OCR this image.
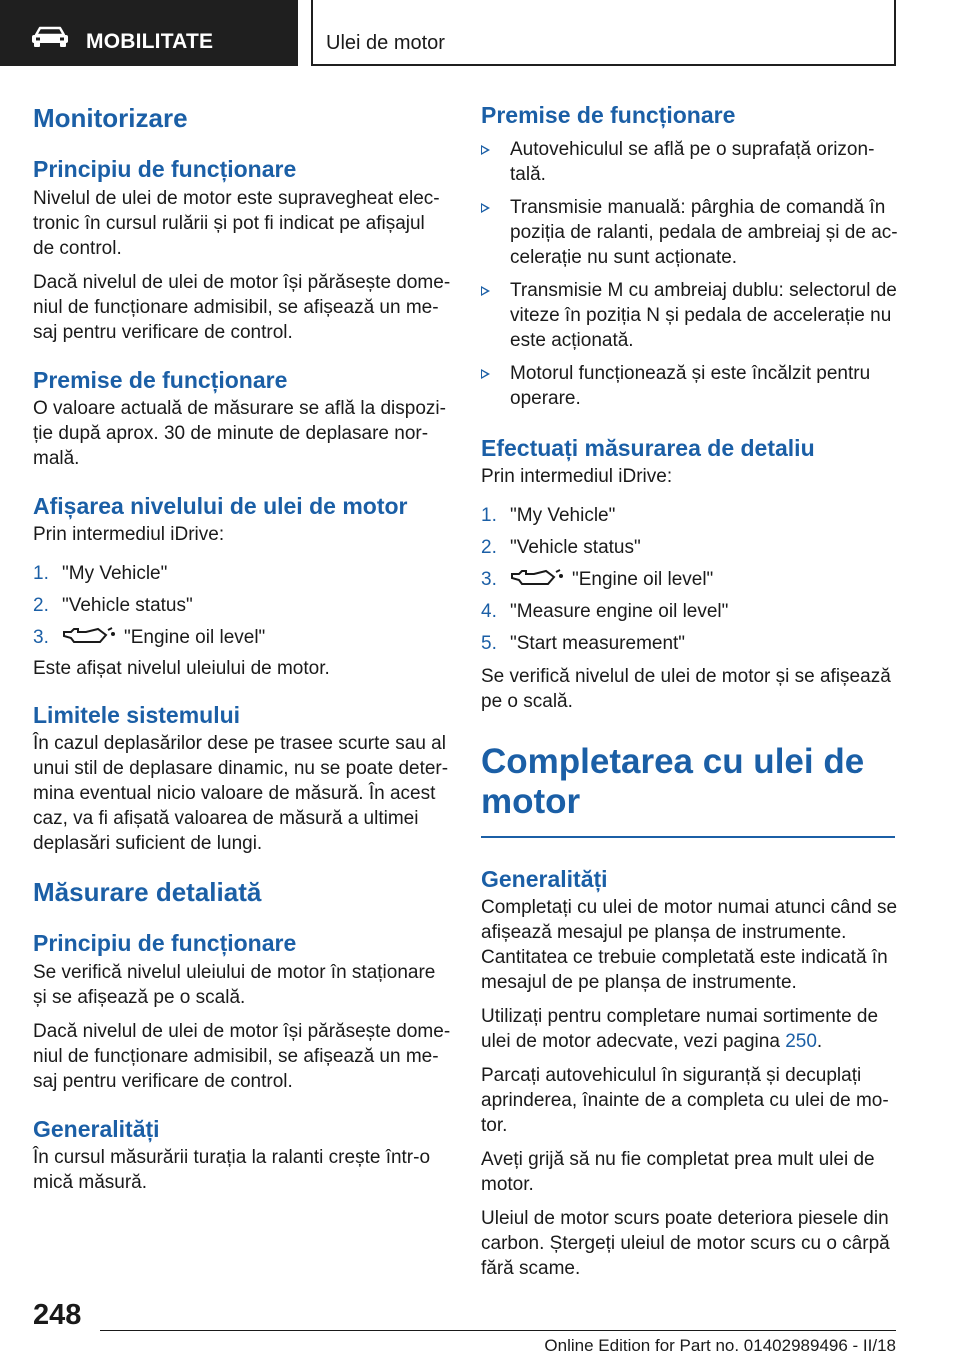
MOBILITATE	Ulei de motor
Monitorizare
Principiu de funcționare

Nivelul de ulei de motor este supravegheat electronic în cursul rulării și pot fi indicat pe afișajul de control.

Dacă nivelul de ulei de motor își părăsește domeniul de funcționare admisibil, se afișează un mesaj pentru verificare de control.

Premise de funcționare

O valoare actuală de măsurare se află la dispoziție după aprox. 30 de minute de deplasare normală.

Afișarea nivelului de ulei de motor

Prin intermediul iDrive:

1. "My Vehicle"
2. "Vehicle status"
3.	"Engine oil level"

Este afișat nivelul uleiului de motor.

Limitele sistemului

În cazul deplasărilor dese pe trasee scurte sau al unui stil de deplasare dinamic, nu se poate determina eventual nicio valoare de măsură. În acest caz, va fi afișată valoarea de măsură a ultimei deplasări suficient de lungi.

Măsurare detaliată
Principiu de funcționare

Se verifică nivelul uleiului de motor în staționare și se afișează pe o scală.

Dacă nivelul de ulei de motor își părăsește domeniul de funcționare admisibil, se afișează un mesaj pentru verificare de control.

Generalități

În cursul măsurării turația la ralanti crește într-o mică măsură.

Premise de funcționare
Autovehiculul se află pe o suprafață orizontală.
Transmisie manuală: pârghia de comandă în poziția de ralanti, pedala de ambreiaj și de accelerație nu sunt acționate.
Transmisie M cu ambreiaj dublu: selectorul de viteze în poziția N și pedala de accelerație nu este acționată.
Motorul funcționează și este încălzit pentru operare.
Efectuați măsurarea de detaliu

Prin intermediul iDrive:

1. "My Vehicle"
2. "Vehicle status"
3.	"Engine oil level"
4. "Measure engine oil level"
5. "Start measurement"

Se verifică nivelul de ulei de motor și se afișează pe o scală.

Completarea cu ulei de motor
Generalități

Completați cu ulei de motor numai atunci când se afișează mesajul pe planșa de instrumente. Cantitatea ce trebuie completată este indicată în mesajul de pe planșa de instrumente.

Utilizați pentru completare numai sortimente de ulei de motor adecvate, vezi pagina 250.

Parcați autovehiculul în siguranță și decuplați aprinderea, înainte de a completa cu ulei de motor.

Aveți grijă să nu fie completat prea mult ulei de motor.

Uleiul de motor scurs poate deteriora piesele din carbon. Ștergeți uleiul de motor scurs cu o cârpă fără scame.

248
Online Edition for Part no. 01402989496 - II/18
